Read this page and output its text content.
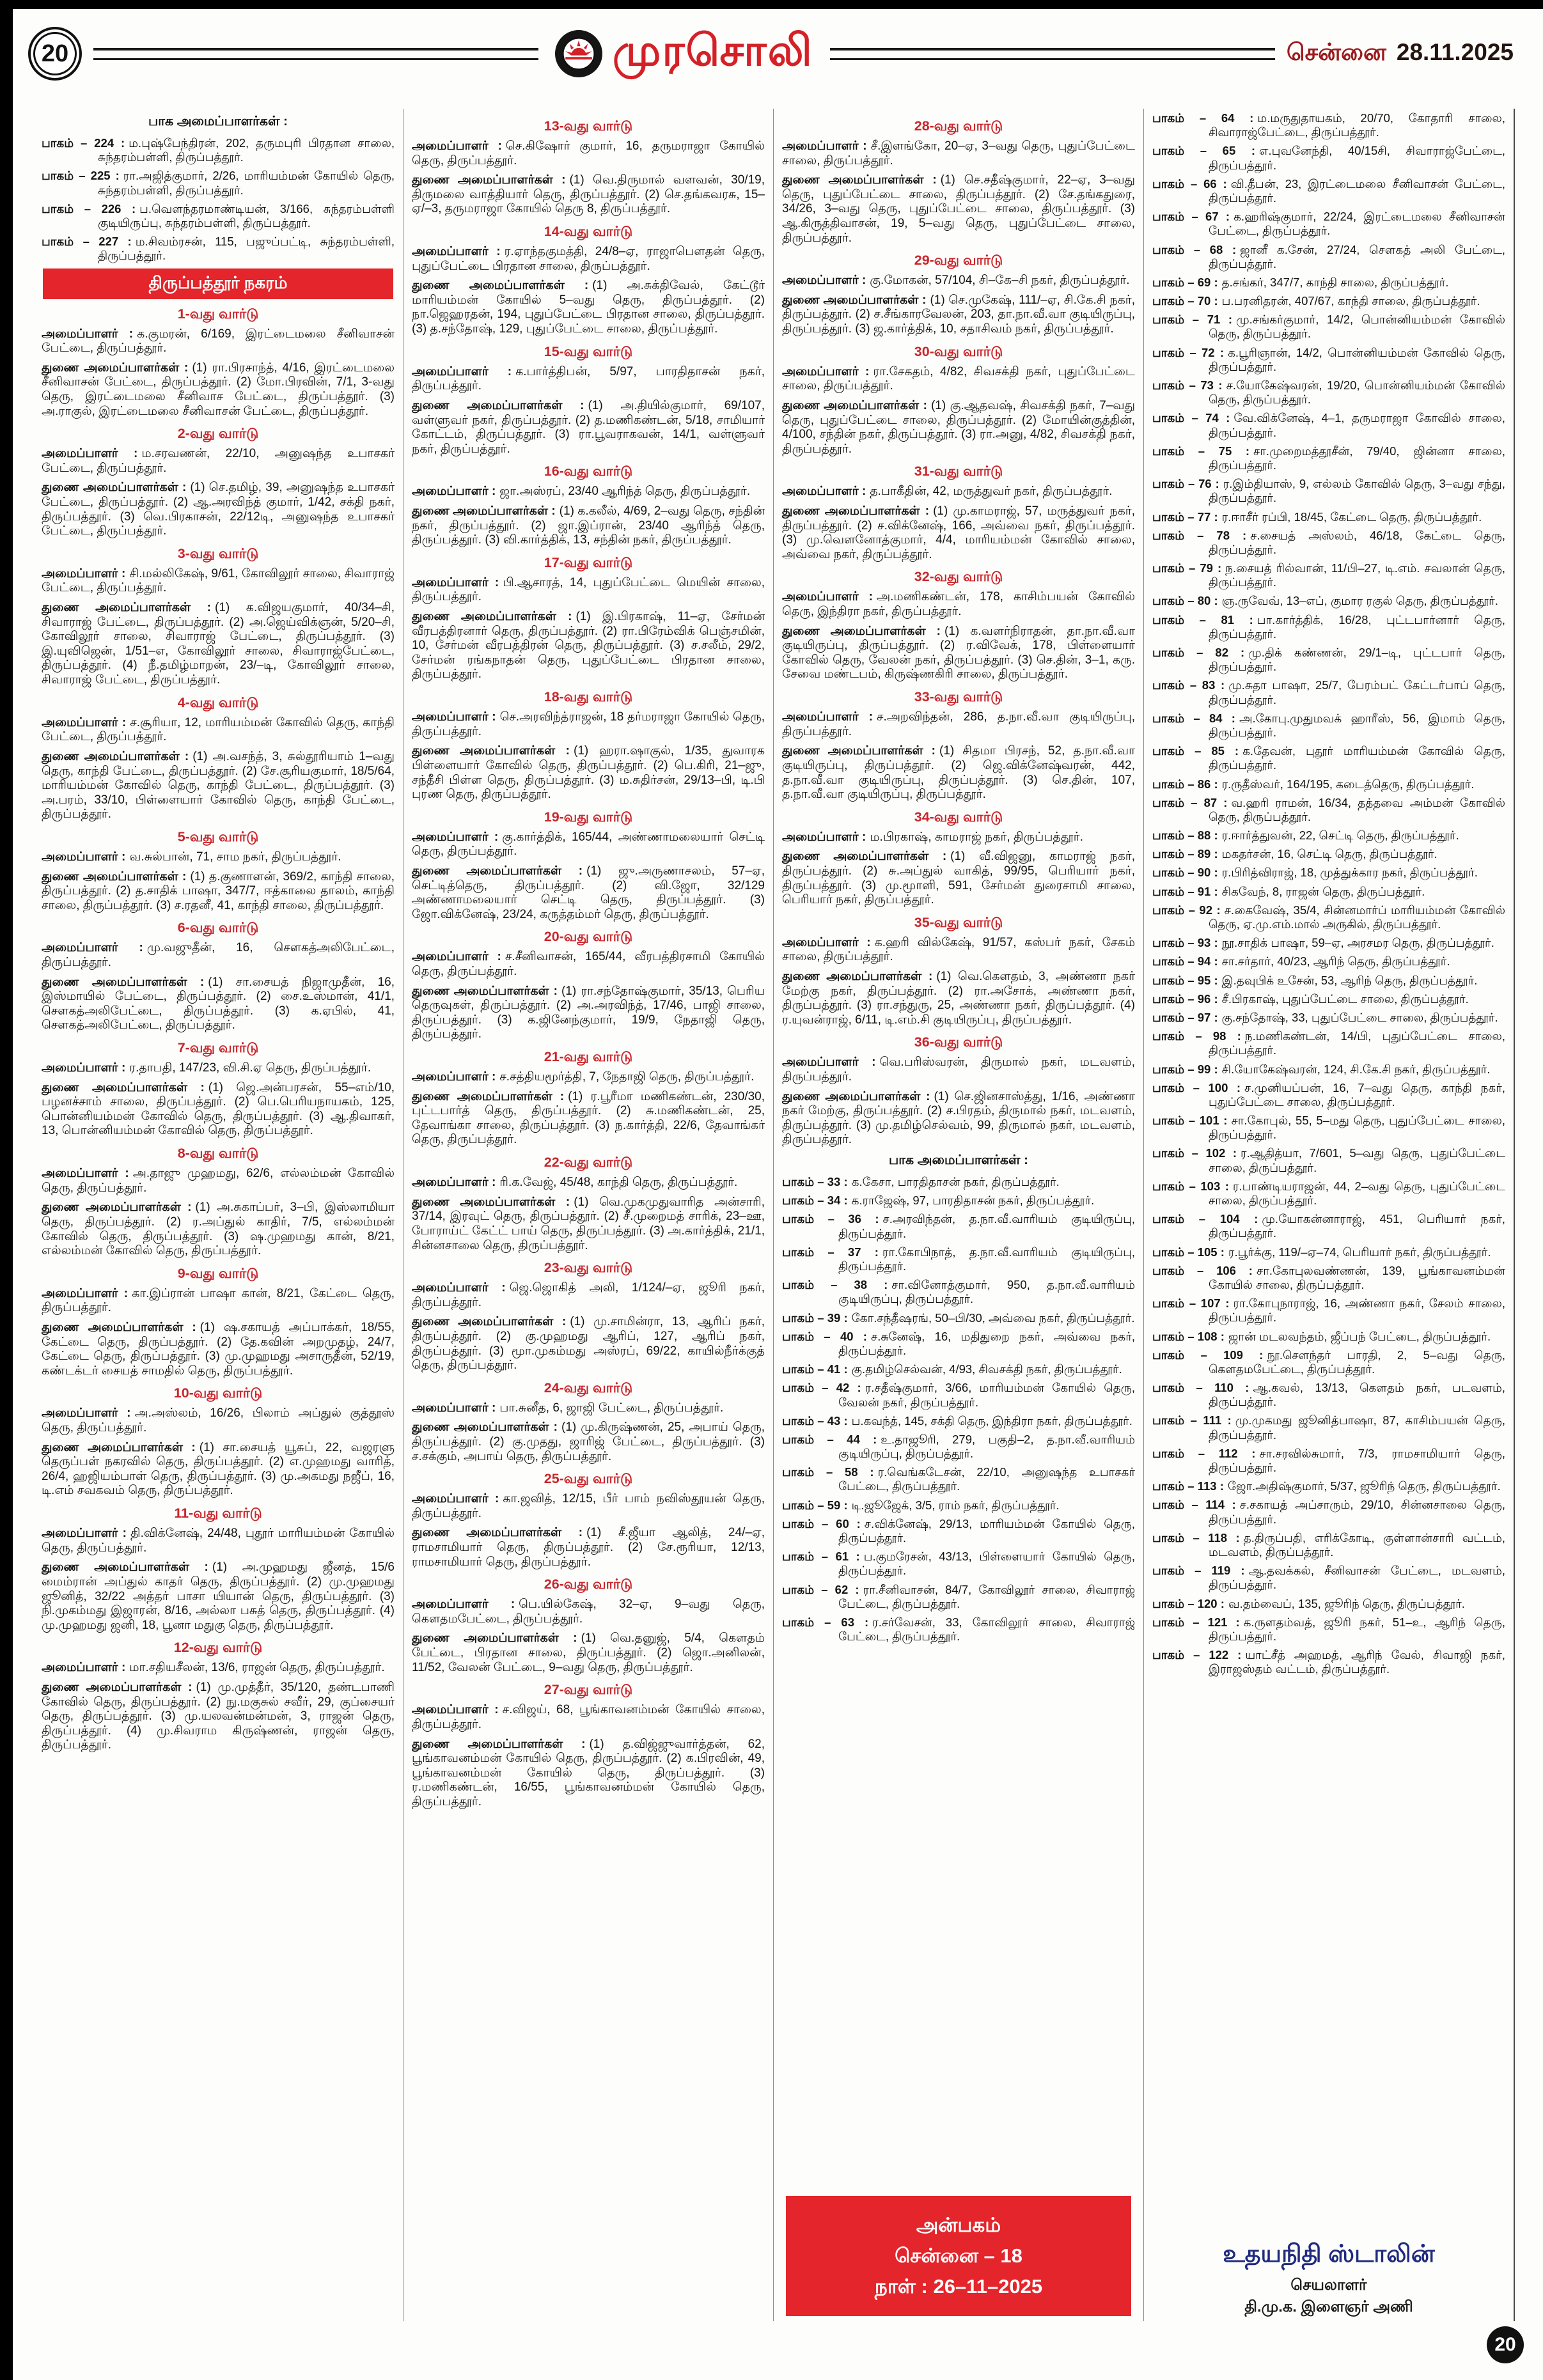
20	முரசொலி	சென்னை 28.11.2025
பாக அமைப்பாளர்கள் :

பாகம் – 224 : ம.புஷ்பேந்திரன், 202, தருமபுரி பிரதான சாலை, சுந்தரம்பள்ளி, திருப்பத்தூர்.

பாகம் – 225 : ரா.அஜித்குமார், 2/26, மாரியம்மன் கோயில் தெரு, சுந்தரம்பள்ளி, திருப்பத்தூர்.

பாகம் – 226 : ப.வெளந்தரமாண்டியன், 3/166, சுந்தரம்பள்ளி குடியிருப்பு, சுந்தரம்பள்ளி, திருப்பத்தூர்.

பாகம் – 227 : ம.சிவம்ரசன், 115, பஜுப்பட்டி, சுந்தரம்பள்ளி, திருப்பத்தூர்.

திருப்பத்தூர் நகரம்
1-வது வார்டு

அமைப்பாளர் : க.குமரன், 6/169, இரட்டைமலை சீனிவாசன் பேட்டை, திருப்பத்தூர்.

துணை அமைப்பாளர்கள் : (1) ரா.பிரசாந்த், 4/16, இரட்டைமலை சீனிவாசன் பேட்டை, திருப்பத்தூர். (2) மோ.பிரவின், 7/1, 3-வது தெரு, இரட்டைமலை சீனிவாச பேட்டை, திருப்பத்தூர். (3) அ.ராகுல், இரட்டைமலை சீனிவாசன் பேட்டை, திருப்பத்தூர்.

2-வது வார்டு

அமைப்பாளர் : ம.சரவணன், 22/10, அனுஷந்த உபாசகர் பேட்டை, திருப்பத்தூர்.

துணை அமைப்பாளர்கள் : (1) செ.தமிழ், 39, அனுஷந்த உபாசகர் பேட்டை, திருப்பத்தூர். (2) ஆ.அரவிந்த் குமார், 1/42, சக்தி நகர், திருப்பத்தூர். (3) வெ.பிரகாசன், 22/12டி, அனுஷந்த உபாசகர் பேட்டை, திருப்பத்தூர்.

3-வது வார்டு

அமைப்பாளர் : சி.மல்லிகேஷ், 9/61, கோவிலூர் சாலை, சிவாராஜ் பேட்டை, திருப்பத்தூர்.

துணை அமைப்பாளர்கள் : (1) க.விஜயகுமார், 40/34–சி, சிவாராஜ் பேட்டை, திருப்பத்தூர். (2) அ.ஜெய்விக்ஞன், 5/20–சி, கோவிலூர் சாலை, சிவாராஜ் பேட்டை, திருப்பத்தூர். (3) இ.யுவிஜென், 1/51–எ, கோவிலூர் சாலை, சிவாராஜ்பேட்டை, திருப்பத்தூர். (4) நீ.தமிழ்மாறன், 23/–டி, கோவிலூர் சாலை, சிவாராஜ் பேட்டை, திருப்பத்தூர்.

4-வது வார்டு

அமைப்பாளர் : ச.சூரியா, 12, மாரியம்மன் கோவில் தெரு, காந்தி பேட்டை, திருப்பத்தூர்.

துணை அமைப்பாளர்கள் : (1) அ.வசந்த், 3, சுல்தூரியாம் 1–வது தெரு, காந்தி பேட்டை, திருப்பத்தூர். (2) சே.சூரியகுமார், 18/5/64, மாரியம்மன் கோவில் தெரு, காந்தி பேட்டை, திருப்பத்தூர். (3) அ.பரம், 33/10, பிள்ளையார் கோவில் தெரு, காந்தி பேட்டை, திருப்பத்தூர்.

5-வது வார்டு

அமைப்பாளர் : வ.சுல்பான், 71, சாம நகர், திருப்பத்தூர்.

துணை அமைப்பாளர்கள் : (1) த.குணாளன், 369/2, காந்தி சாலை, திருப்பத்தூர். (2) த.சாதிக் பாஷா, 347/7, ஈத்காலை தாலம், காந்தி சாலை, திருப்பத்தூர். (3) ச.ரதனீ, 41, காந்தி சாலை, திருப்பத்தூர்.

6-வது வார்டு

அமைப்பாளர் : மு.வஜுதீன், 16, சௌகத்அலிபேட்டை, திருப்பத்தூர்.

துணை அமைப்பாளர்கள் : (1) சா.சையத் நிஜாமுதீன், 16, இஸ்மாயில் பேட்டை, திருப்பத்தூர். (2) சை.உஸ்மான், 41/1, சௌகத்அலிபேட்டை, திருப்பத்தூர். (3) க.ஏபில், 41, சௌகத்அலிபேட்டை, திருப்பத்தூர்.

7-வது வார்டு

அமைப்பாளர் : ர.தாபதி, 147/23, வி.சி.ஏ தெரு, திருப்பத்தூர்.

துணை அமைப்பாளர்கள் : (1) ஜெ.அன்பரசன், 55–எம்/10, பழனச்சாம் சாலை, திருப்பத்தூர். (2) பெ.பெரியநாயகம், 125, பொன்னியம்மன் கோவில் தெரு, திருப்பத்தூர். (3) ஆ.திவாகர், 13, பொன்னியம்மன் கோவில் தெரு, திருப்பத்தூர்.

8-வது வார்டு

அமைப்பாளர் : அ.தாஜு முஹமது, 62/6, எல்லம்மன் கோவில் தெரு, திருப்பத்தூர்.

துணை அமைப்பாளர்கள் : (1) அ.சுகாப்பர், 3–பி, இஸ்லாமியா தெரு, திருப்பத்தூர். (2) ர.அப்துல் காதிர், 7/5, எல்லம்மன் கோவில் தெரு, திருப்பத்தூர். (3) ஷ.முஹமது கான், 8/21, எல்லம்மன் கோவில் தெரு, திருப்பத்தூர்.

9-வது வார்டு

அமைப்பாளர் : கா.இப்ரான் பாஷா கான், 8/21, கேட்டை தெரு, திருப்பத்தூர்.

துணை அமைப்பாளர்கள் : (1) ஷ.சகாயத் அப்பாக்கர், 18/55, கேட்டை தெரு, திருப்பத்தூர். (2) தே.கவின் அறமுதழ், 24/7, கேட்டை தெரு, திருப்பத்தூர். (3) மு.முஹமது அசாருதீன், 52/19, கண்டக்டர் சையத் சாமதில் தெரு, திருப்பத்தூர்.

10-வது வார்டு

அமைப்பாளர் : அ.அஸ்லம், 16/26, பிலாம் அப்துல் குத்தூஸ் தெரு, திருப்பத்தூர்.

துணை அமைப்பாளர்கள் : (1) சா.சையத் யூசுப், 22, வஜரளு தெருப்பள் நகரவில் தெரு, திருப்பத்தூர். (2) எ.முஹமது வாரித், 26/4, ஹஜியம்பாள் தெரு, திருப்பத்தூர். (3) மு.அகமது நஜீப், 16, டி.எம் சவகவம் தெரு, திருப்பத்தூர்.

11-வது வார்டு

அமைப்பாளர் : தி.விக்னேஷ், 24/48, புதூர் மாரியம்மன் கோயில் தெரு, திருப்பத்தூர்.

துணை அமைப்பாளர்கள் : (1) அ.முஹமது ஜீனத், 15/6 மைம்ரான் அப்துல் காதர் தெரு, திருப்பத்தூர். (2) மு.முஹமது ஜூனித், 32/22 அத்தர் பாசா யியான் தெரு, திருப்பத்தூர். (3) நி.முகம்மது இஜாரன், 8/16, அல்லா பசுத் தெரு, திருப்பத்தூர். (4) மு.முஹமது ஜனி, 18, பூனா மதுகு தெரு, திருப்பத்தூர்.

12-வது வார்டு

அமைப்பாளர் : மா.சதியசீலன், 13/6, ராஜன் தெரு, திருப்பத்தூர்.

துணை அமைப்பாளர்கள் : (1) மு.முத்தீர், 35/120, தண்டபாணி கோவில் தெரு, திருப்பத்தூர். (2) நு.மகுசுல் சவீர், 29, குப்சையர் தெரு, திருப்பத்தூர். (3) மு.யலவன்மன்மன், 3, ராஜன் தெரு, திருப்பத்தூர். (4) மு.சிவராம கிருஷ்ணன், ராஜன் தெரு, திருப்பத்தூர்.

13-வது வார்டு

அமைப்பாளர் : செ.கிஷோர் குமார், 16, தருமராஜா கோயில் தெரு, திருப்பத்தூர்.

துணை அமைப்பாளர்கள் : (1) வெ.திருமால் வளவன், 30/19, திருமலை வாத்தியார் தெரு, திருப்பத்தூர். (2) செ.தங்கவரசு, 15–ஏ/–3, தருமராஜா கோயில் தெரு 8, திருப்பத்தூர்.

14-வது வார்டு

அமைப்பாளர் : ர.ஏாந்தகுமத்தி, 24/8–ஏ, ராஜாபௌதன் தெரு, புதுப்பேட்டை பிரதான சாலை, திருப்பத்தூர்.

துணை அமைப்பாளர்கள் : (1) அ.சுக்திவேல், கேட்டூர் மாரியம்மன் கோயில் 5–வது தெரு, திருப்பத்தூர். (2) நா.ஜெஹரதன், 194, புதுப்பேட்டை பிரதான சாலை, திருப்பத்தூர். (3) த.சந்தோஷ், 129, புதுப்பேட்டை சாலை, திருப்பத்தூர்.

15-வது வார்டு

அமைப்பாளர் : க.பார்த்திபன், 5/97, பாரதிதாசன் நகர், திருப்பத்தூர்.

துணை அமைப்பாளர்கள் : (1) அ.தியில்குமார், 69/107, வள்ளுவர் நகர், திருப்பத்தூர். (2) த.மணிகண்டன், 5/18, சாமியார் கோட்டம், திருப்பத்தூர். (3) ரா.பூவராகவன், 14/1, வள்ளுவர் நகர், திருப்பத்தூர்.

16-வது வார்டு

அமைப்பாளர் : ஜா.அஸ்ரப், 23/40 ஆரிந்த் தெரு, திருப்பத்தூர்.

துணை அமைப்பாளர்கள் : (1) க.கலீல், 4/69, 2–வது தெரு, சந்தின் நகர், திருப்பத்தூர். (2) ஜா.இப்ரான், 23/40 ஆரிந்த் தெரு, திருப்பத்தூர். (3) வி.கார்த்திக், 13, சந்தின் நகர், திருப்பத்தூர்.

17-வது வார்டு

அமைப்பாளர் : பி.ஆசாரத், 14, புதுப்பேட்டை மெயின் சாலை, திருப்பத்தூர்.

துணை அமைப்பாளர்கள் : (1) இ.பிரகாஷ், 11–ஏ, சேர்மன் வீரபத்திரனார் தெரு, திருப்பத்தூர். (2) ரா.பிரேம்விக் பெஞ்சமின், 10, சேர்மன் வீரபத்திரன் தெரு, திருப்பத்தூர். (3) ச.சலீம், 29/2, சேர்மன் ரங்கநாதன் தெரு, புதுப்பேட்டை பிரதான சாலை, திருப்பத்தூர்.

18-வது வார்டு

அமைப்பாளர் : செ.அரவிந்த்ராஜன், 18 தர்மராஜா கோயில் தெரு, திருப்பத்தூர்.

துணை அமைப்பாளர்கள் : (1) ஹரா.ஷாகுல், 1/35, துவாரக பிள்ளையார் கோவில் தெரு, திருப்பத்தூர். (2) பெ.கிரி, 21–ஜு, சந்தீசி பிள்ள தெரு, திருப்பத்தூர். (3) ம.சுதிர்சன், 29/13–பி, டி.பி புரண தெரு, திருப்பத்தூர்.

19-வது வார்டு

அமைப்பாளர் : கு.கார்த்திக், 165/44, அண்ணாமலையார் செட்டி தெரு, திருப்பத்தூர்.

துணை அமைப்பாளர்கள் : (1) ஜு.அருணாசலம், 57–ஏ, செட்டித்தெரு, திருப்பத்தூர். (2) வி.ஜோ, 32/129 அண்ணாமலையார் செட்டி தெரு, திருப்பத்தூர். (3) ஜோ.விக்னேஷ், 23/24, கருத்தம்மர் தெரு, திருப்பத்தூர்.

20-வது வார்டு

அமைப்பாளர் : ச.சீனிவாசன், 165/44, வீரபத்திரசாமி கோயில் தெரு, திருப்பத்தூர்.

துணை அமைப்பாளர்கள் : (1) ரா.சந்தோஷ்குமார், 35/13, பெரிய தெருவுகள், திருப்பத்தூர். (2) அ.அரவிந்த், 17/46, பாஜி சாலை, திருப்பத்தூர். (3) க.ஜினேந்குமார், 19/9, நேதாஜி தெரு, திருப்பத்தூர்.

21-வது வார்டு

அமைப்பாளர் : ச.சத்தியமூர்த்தி, 7, நேதாஜி தெரு, திருப்பத்தூர்.

துணை அமைப்பாளர்கள் : (1) ர.பூரீமா மணிகண்டன், 230/30, புட்டபார்த் தெரு, திருப்பத்தூர். (2) சு.மணிகண்டன், 25, தேவாங்கா சாலை, திருப்பத்தூர். (3) ந.கார்த்தி, 22/6, தேவாங்கர் தெரு, திருப்பத்தூர்.

22-வது வார்டு

அமைப்பாளர் : ரி.க.வேஜ், 45/48, காந்தி தெரு, திருப்பத்தூர்.

துணை அமைப்பாளர்கள் : (1) வெ.முகமுதுவாரித அன்சாரி, 37/14, இரவுட் தெரு, திருப்பத்தூர். (2) சீ.முறைமத் சாரிக், 23–ஊ, போராய்ட் கேட்ட் பாய் தெரு, திருப்பத்தூர். (3) அ.கார்த்திக், 21/1, சின்னசாலை தெரு, திருப்பத்தூர்.

23-வது வார்டு

அமைப்பாளர் : ஜெ.ஜொகித் அலி, 1/124/–ஏ, ஜூரி நகர், திருப்பத்தூர்.

துணை அமைப்பாளர்கள் : (1) மு.சாமின்ரா, 13, ஆரிப் நகர், திருப்பத்தூர். (2) கு.முஹமது ஆரிப், 127, ஆரிப் நகர், திருப்பத்தூர். (3) மூா.முகம்மது அஸ்ரப், 69/22, காயில்நீர்க்குத் தெரு, திருப்பத்தூர்.

24-வது வார்டு

அமைப்பாளர் : பா.சுனீத, 6, ஜாஜி பேட்டை, திருப்பத்தூர்.

துணை அமைப்பாளர்கள் : (1) மு.கிருஷ்ணன், 25, அபாய் தெரு, திருப்பத்தூர். (2) கு.முதது, ஜாரிஜ் பேட்டை, திருப்பத்தூர். (3) ச.சக்கும், அபாய் தெரு, திருப்பத்தூர்.

25-வது வார்டு

அமைப்பாளர் : கா.ஜவித், 12/15, பீர் பாம் நவிஸ்தூயன் தெரு, திருப்பத்தூர்.

துணை அமைப்பாளர்கள் : (1) சீ.ஜீயா ஆலித், 24/–ஏ, ராமசாமியார் தெரு, திருப்பத்தூர். (2) சே.ரூரியா, 12/13, ராமசாமியார் தெரு, திருப்பத்தூர்.

26-வது வார்டு

அமைப்பாளர் : பெ.யில்கேஷ், 32–ஏ, 9–வது தெரு, கௌதமபேட்டை, திருப்பத்தூர்.

துணை அமைப்பாளர்கள் : (1) வெ.தனுஜ், 5/4, கௌதம் பேட்டை, பிரதான சாலை, திருப்பத்தூர். (2) ஜொ.அனிலன், 11/52, வேலன் பேட்டை, 9–வது தெரு, திருப்பத்தூர்.

27-வது வார்டு

அமைப்பாளர் : ச.விஜய், 68, பூங்காவனம்மன் கோயில் சாலை, திருப்பத்தூர்.

துணை அமைப்பாளர்கள் : (1) த.விஜ்ஜுவார்த்தன், 62, பூங்காவனம்மன் கோயில் தெரு, திருப்பத்தூர். (2) க.பிரவின், 49, பூங்காவனம்மன் கோயில் தெரு, திருப்பத்தூர். (3) ர.மணிகண்டன், 16/55, பூங்காவனம்மன் கோயில் தெரு, திருப்பத்தூர்.

28-வது வார்டு

அமைப்பாளர் : சீ.இளங்கோ, 20–ஏ, 3–வது தெரு, புதுப்பேட்டை சாலை, திருப்பத்தூர்.

துணை அமைப்பாளர்கள் : (1) செ.சதீஷ்குமார், 22–ஏ, 3–வது தெரு, புதுப்பேட்டை சாலை, திருப்பத்தூர். (2) சே.தங்கதுரை, 34/26, 3–வது தெரு, புதுப்பேட்டை சாலை, திருப்பத்தூர். (3) ஆ.கிருத்திவாசன், 19, 5–வது தெரு, புதுப்பேட்டை சாலை, திருப்பத்தூர்.

29-வது வார்டு

அமைப்பாளர் : கு.மோகன், 57/104, சி–கே–சி நகர், திருப்பத்தூர்.

துணை அமைப்பாளர்கள் : (1) செ.முகேஷ், 111/–ஏ, சி.கே.சி நகர், திருப்பத்தூர். (2) ச.சீங்காரவேலன், 203, தா.நா.வீ.வா குடியிருப்பு, திருப்பத்தூர். (3) ஜ.கார்த்திக், 10, சதாசிவம் நகர், திருப்பத்தூர்.

30-வது வார்டு

அமைப்பாளர் : ரா.சேகதம், 4/82, சிவசக்தி நகர், புதுப்பேட்டை சாலை, திருப்பத்தூர்.

துணை அமைப்பாளர்கள் : (1) கு.ஆதவஷ், சிவசக்தி நகர், 7–வது தெரு, புதுப்பேட்டை சாலை, திருப்பத்தூர். (2) மோயின்குத்தின், 4/100, சந்தின் நகர், திருப்பத்தூர். (3) ரா.அனு, 4/82, சிவசக்தி நகர், திருப்பத்தூர்.

31-வது வார்டு

அமைப்பாளர் : த.பாகீதின், 42, மருத்துவர் நகர், திருப்பத்தூர்.

துணை அமைப்பாளர்கள் : (1) மு.காமராஜ், 57, மருத்துவர் நகர், திருப்பத்தூர். (2) ச.விக்னேஷ், 166, அவ்வை நகர், திருப்பத்தூர். (3) மு.வெளனோத்குமார், 4/4, மாரியம்மன் கோவில் சாலை, அவ்வை நகர், திருப்பத்தூர்.

32-வது வார்டு

அமைப்பாளர் : அ.மணிகண்டன், 178, காசிம்பயன் கோவில் தெரு, இந்திரா நகர், திருப்பத்தூர்.

துணை அமைப்பாளர்கள் : (1) க.வளர்நிராதன், தா.நா.வீ.வா குடியிருப்பு, திருப்பத்தூர். (2) ர.விவேக், 178, பிள்ளையார் கோவில் தெரு, வேலன் நகர், திருப்பத்தூர். (3) செ.தின், 3–1, கரு. சேவை மண்டபம், கிருஷ்ணகிரி சாலை, திருப்பத்தூர்.

33-வது வார்டு

அமைப்பாளர் : ச.அறவிந்தன், 286, த.நா.வீ.வா குடியிருப்பு, திருப்பத்தூர்.

துணை அமைப்பாளர்கள் : (1) சிதமா பிரசந், 52, த.நா.வீ.வா குடியிருப்பு, திருப்பத்தூர். (2) ஜெ.விக்னேஷ்வரன், 442, த.நா.வீ.வா குடியிருப்பு, திருப்பத்தூர். (3) செ.தின், 107, த.நா.வீ.வா குடியிருப்பு, திருப்பத்தூர்.

34-வது வார்டு

அமைப்பாளர் : ம.பிரகாஷ், காமராஜ் நகர், திருப்பத்தூர்.

துணை அமைப்பாளர்கள் : (1) வீ.விஜனு, காமராஜ் நகர், திருப்பத்தூர். (2) சு.அப்துல் வாகித், 99/95, பெரியார் நகர், திருப்பத்தூர். (3) மு.மூாளி, 591, சேர்மன் துரைசாமி சாலை, பெரியார் நகர், திருப்பத்தூர்.

35-வது வார்டு

அமைப்பாளர் : க.ஹரி வில்கேஷ், 91/57, கஸ்பர் நகர், சேகம் சாலை, திருப்பத்தூர்.

துணை அமைப்பாளர்கள் : (1) வெ.கௌதம், 3, அண்ணா நகர் மேற்கு நகர், திருப்பத்தூர். (2) ரா.அசோக், அண்ணா நகர், திருப்பத்தூர். (3) ரா.சந்துரு, 25, அண்ணா நகர், திருப்பத்தூர். (4) ர.யுவன்ராஜ், 6/11, டி.எம்.சி குடியிருப்பு, திருப்பத்தூர்.

36-வது வார்டு

அமைப்பாளர் : வெ.பரிஸ்வரன், திருமால் நகர், மடவளம், திருப்பத்தூர்.

துணை அமைப்பாளர்கள் : (1) செ.ஜினசாஸ்த்து, 1/16, அண்ணா நகர் மேற்கு, திருப்பத்தூர். (2) ச.பிரதம், திருமால் நகர், மடவளம், திருப்பத்தூர். (3) மு.தமிழ்செல்வம், 99, திருமால் நகர், மடவளம், திருப்பத்தூர்.

பாக அமைப்பாளர்கள் :

பாகம் – 33 : க.கேசா, பாரதிதாசன் நகர், திருப்பத்தூர்.

பாகம் – 34 : க.ராஜேஷ், 97, பாரதிதாசன் நகர், திருப்பத்தூர்.

பாகம் – 36 : ச.அரவிந்தன், த.நா.வீ.வாரியம் குடியிருப்பு, திருப்பத்தூர்.

பாகம் – 37 : ரா.கோபிநாத், த.நா.வீ.வாரியம் குடியிருப்பு, திருப்பத்தூர்.

பாகம் – 38 : சா.வினோத்குமார், 950, த.நா.வீ.வாரியம் குடியிருப்பு, திருப்பத்தூர்.

பாகம் – 39 : கோ.சந்தீஷரங், 50–பி/30, அவ்வை நகர், திருப்பத்தூர்.

பாகம் – 40 : ச.சுனேஷ், 16, மதிதுறை நகர், அவ்வை நகர், திருப்பத்தூர்.

பாகம் – 41 : கு.தமிழ்செல்வன், 4/93, சிவசக்தி நகர், திருப்பத்தூர்.

பாகம் – 42 : ர.சதீஷ்குமார், 3/66, மாரியம்மன் கோயில் தெரு, வேலன் நகர், திருப்பத்தூர்.

பாகம் – 43 : ப.கவந்த், 145, சக்தி தெரு, இந்திரா நகர், திருப்பத்தூர்.

பாகம் – 44 : உ.தாஜூரி, 279, பகுதி–2, த.நா.வீ.வாரியம் குடியிருப்பு, திருப்பத்தூர்.

பாகம் – 58 : ர.வெங்கடேசன், 22/10, அனுஷந்த உபாசகர் பேட்டை, திருப்பத்தூர்.

பாகம் – 59 : டி.ஜூஜேக், 3/5, ராம் நகர், திருப்பத்தூர்.

பாகம் – 60 : ச.விக்னேஷ், 29/13, மாரியம்மன் கோயில் தெரு, திருப்பத்தூர்.

பாகம் – 61 : ப.குமரேசன், 43/13, பிள்ளையார் கோயில் தெரு, திருப்பத்தூர்.

பாகம் – 62 : ரா.சீனிவாசன், 84/7, கோவிலூர் சாலை, சிவாராஜ் பேட்டை, திருப்பத்தூர்.

பாகம் – 63 : ர.சர்வேசன், 33, கோவிலூர் சாலை, சிவாராஜ் பேட்டை, திருப்பத்தூர்.

அன்பகம்
சென்னை – 18
நாள் : 26–11–2025

பாகம் – 64 : ம.மருதுதாயகம், 20/70, கோதாரி சாலை, சிவாராஜ்பேட்டை, திருப்பத்தூர்.

பாகம் – 65 : எ.புவனேந்தி, 40/15சி, சிவாராஜ்பேட்டை, திருப்பத்தூர்.

பாகம் – 66 : வி.தீபன், 23, இரட்டைமலை சீனிவாசன் பேட்டை, திருப்பத்தூர்.

பாகம் – 67 : க.ஹரிஷ்குமார், 22/24, இரட்டைமலை சீனிவாசன் பேட்டை, திருப்பத்தூர்.

பாகம் – 68 : ஜானீ க.சேன், 27/24, சௌகத் அலி பேட்டை, திருப்பத்தூர்.

பாகம் – 69 : த.சங்கர், 347/7, காந்தி சாலை, திருப்பத்தூர்.

பாகம் – 70 : ப.பரனிதரன், 407/67, காந்தி சாலை, திருப்பத்தூர்.

பாகம் – 71 : மு.சங்கர்குமார், 14/2, பொன்னியம்மன் கோவில் தெரு, திருப்பத்தூர்.

பாகம் – 72 : க.பூரிஞான், 14/2, பொன்னியம்மன் கோவில் தெரு, திருப்பத்தூர்.

பாகம் – 73 : ச.யோகேஷ்வரன், 19/20, பொன்னியம்மன் கோவில் தெரு, திருப்பத்தூர்.

பாகம் – 74 : வே.விக்னேஷ், 4–1, தருமராஜா கோவில் சாலை, திருப்பத்தூர்.

பாகம் – 75 : சா.முறைமத்தூசீன், 79/40, ஜின்னா சாலை, திருப்பத்தூர்.

பாகம் – 76 : ர.இம்தியாஸ், 9, எல்லம் கோவில் தெரு, 3–வது சந்து, திருப்பத்தூர்.

பாகம் – 77 : ர.ஈாசீர் ரப்பி, 18/45, கேட்டை தெரு, திருப்பத்தூர்.

பாகம் – 78 : ச.சையத் அஸ்லம், 46/18, கேட்டை தெரு, திருப்பத்தூர்.

பாகம் – 79 : ந.சையத் ரில்வான், 11/பி–27, டி.எம். சவலான் தெரு, திருப்பத்தூர்.

பாகம் – 80 : ஞ.ருவேவ், 13–எப், குமார ரகுல் தெரு, திருப்பத்தூர்.

பாகம் – 81 : பா.கார்த்திக், 16/28, புட்டபார்னார் தெரு, திருப்பத்தூர்.

பாகம் – 82 : மு.திக் கண்ணன், 29/1–டி, புட்டபார் தெரு, திருப்பத்தூர்.

பாகம் – 83 : மு.சுதா பாஷா, 25/7, பேரம்பட் கேட்டர்பாப் தெரு, திருப்பத்தூர்.

பாகம் – 84 : அ.கோபு.முதுமவக் ஹாரீஸ், 56, இமாம் தெரு, திருப்பத்தூர்.

பாகம் – 85 : க.தேவன், புதூர் மாரியம்மன் கோவில் தெரு, திருப்பத்தூர்.

பாகம் – 86 : ர.ருதீஸ்வர், 164/195, கடைத்தெரு, திருப்பத்தூர்.

பாகம் – 87 : வ.ஹரி ராமன், 16/34, தத்தவை அம்மன் கோவில் தெரு, திருப்பத்தூர்.

பாகம் – 88 : ர.ஈார்த்துவன், 22, செட்டி தெரு, திருப்பத்தூர்.

பாகம் – 89 : மகதர்சன், 16, செட்டி தெரு, திருப்பத்தூர்.

பாகம் – 90 : ர.பிரித்விராஜ், 18, முத்துக்கார நகர், திருப்பத்தூர்.

பாகம் – 91 : சிகவேந், 8, ராஜன் தெரு, திருப்பத்தூர்.

பாகம் – 92 : ச.கைவேஷ், 35/4, சின்னமார்ப் மாரியம்மன் கோவில் தெரு, ஏ.மு.எம்.மால் அருகில், திருப்பத்தூர்.

பாகம் – 93 : நூ.சாதிக் பாஷா, 59–ஏ, அரசமர தெரு, திருப்பத்தூர்.

பாகம் – 94 : சா.சர்தார், 40/23, ஆரிந் தெரு, திருப்பத்தூர்.

பாகம் – 95 : இ.தவுபிக் உசேன், 53, ஆரிந் தெரு, திருப்பத்தூர்.

பாகம் – 96 : சீ.பிரகாஷ், புதுப்பேட்டை சாலை, திருப்பத்தூர்.

பாகம் – 97 : கு.சந்தோஷ், 33, புதுப்பேட்டை சாலை, திருப்பத்தூர்.

பாகம் – 98 : ந.மணிகண்டன், 14/பி, புதுப்பேட்டை சாலை, திருப்பத்தூர்.

பாகம் – 99 : சி.யோகேஷ்வரன், 124, சி.கே.சி நகர், திருப்பத்தூர்.

பாகம் – 100 : ச.முனியப்பன், 16, 7–வது தெரு, காந்தி நகர், புதுப்பேட்டை சாலை, திருப்பத்தூர்.

பாகம் – 101 : சா.கோபுல், 55, 5–மது தெரு, புதுப்பேட்டை சாலை, திருப்பத்தூர்.

பாகம் – 102 : ர.ஆதித்யா, 7/601, 5–வது தெரு, புதுப்பேட்டை சாலை, திருப்பத்தூர்.

பாகம் – 103 : ர.பாண்டியராஜன், 44, 2–வது தெரு, புதுப்பேட்டை சாலை, திருப்பத்தூர்.

பாகம் – 104 : மு.யோகன்னாராஜ், 451, பெரியார் நகர், திருப்பத்தூர்.

பாகம் – 105 : ர.பூர்க்கு, 119/–ஏ–74, பெரியார் நகர், திருப்பத்தூர்.

பாகம் – 106 : சா.கோபுலவண்ணன், 139, பூங்காவனம்மன் கோயில் சாலை, திருப்பத்தூர்.

பாகம் – 107 : ரா.கோபுநாராஜ், 16, அண்ணா நகர், சேலம் சாலை, திருப்பத்தூர்.

பாகம் – 108 : ஜான் மடலவந்தம், ஜீப்பந் பேட்டை, திருப்பத்தூர்.

பாகம் – 109 : நூ.சௌந்தர் பாரதி, 2, 5–வது தெரு, கௌதமபேட்டை, திருப்பத்தூர்.

பாகம் – 110 : ஆ.கவல், 13/13, கௌதம் நகர், படவளம், திருப்பத்தூர்.

பாகம் – 111 : மு.முகமது ஜூனித்பாஷா, 87, காசிம்பயன் தெரு, திருப்பத்தூர்.

பாகம் – 112 : சா.சரவில்சுமார், 7/3, ராமசாமியார் தெரு, திருப்பத்தூர்.

பாகம் – 113 : ஜோ.அதிஷ்குமார், 5/37, ஜூரிந் தெரு, திருப்பத்தூர்.

பாகம் – 114 : ச.சகாயத் அப்சாரும், 29/10, சின்னசாலை தெரு, திருப்பத்தூர்.

பாகம் – 118 : த.திருப்பதி, எரிக்கோடி, குள்ளான்சாரி வட்டம், மடவளம், திருப்பத்தூர்.

பாகம் – 119 : ஆ.தவக்கல், சீனிவாசன் பேட்டை, மடவளம், திருப்பத்தூர்.

பாகம் – 120 : வ.தம்வைப், 135, ஜூரிந் தெரு, திருப்பத்தூர்.

பாகம் – 121 : க.ருளதம்வத், ஜூரி நகர், 51–உ, ஆரிந் தெரு, திருப்பத்தூர்.

பாகம் – 122 : யாட்சீத் அஹமத், ஆரிந் வேல், சிவாஜி நகர், இராஜஸ்தம் வட்டம், திருப்பத்தூர்.

உதயநிதி ஸ்டாலின்
செயலாளர்
தி.மு.க. இளைஞர் அணி
20
